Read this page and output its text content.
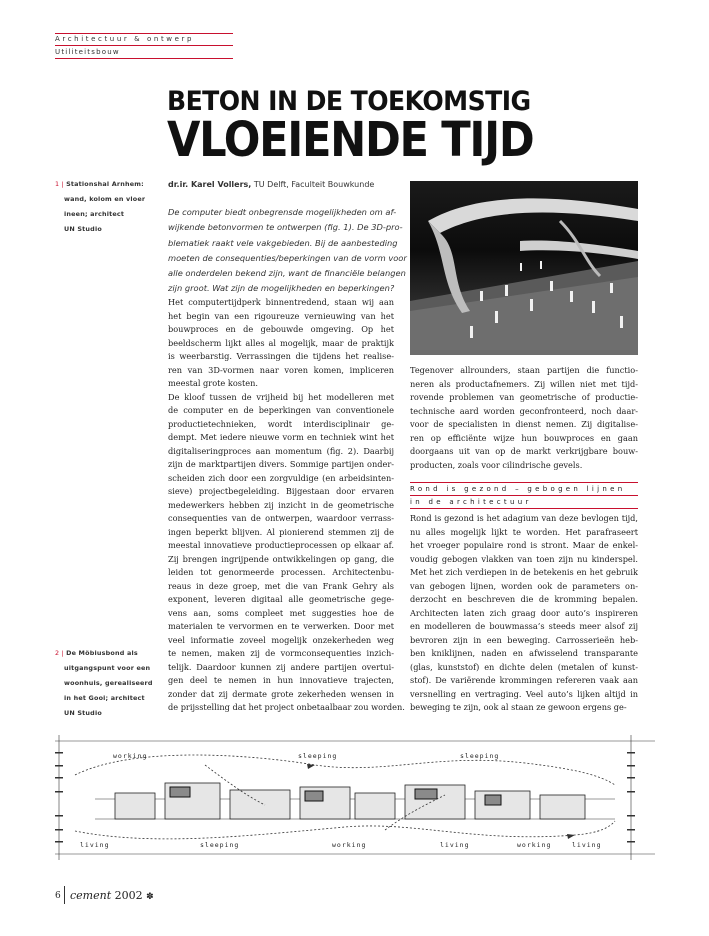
Architectuur & ontwerp
Utiliteitsbouw
BETON IN DE TOEKOMSTIG
VLOEIENDE TIJD
1 | Stationshal Arnhem:
wand, kolom en vloer
ineen; architect
UN Studio
2 | De Möbiusbond als
uitgangspunt voor een
woonhuis, gerealiseerd
in het Gooi; architect
UN Studio
dr.ir. Karel Vollers, TU Delft, Faculteit Bouwkunde
De computer biedt onbegrensde mogelijkheden om af-
wijkende betonvormen te ontwerpen (fig. 1). De 3D-pro-
blematiek raakt vele vakgebieden. Bij de aanbesteding
moeten de consequenties/beperkingen van de vorm voor
alle onderdelen bekend zijn, want de financiële belangen
zijn groot. Wat zijn de mogelijkheden en beperkingen?
Het computertijdperk binnentredend, staan wij aan
het begin van een rigoureuze vernieuwing van het
bouwproces en de gebouwde omgeving. Op het
beeldscherm lijkt alles al mogelijk, maar de praktijk
is weerbarstig. Verrassingen die tijdens het realise-
ren van 3D-vormen naar voren komen, impliceren
meestal grote kosten.
De kloof tussen de vrijheid bij het modelleren met
de computer en de beperkingen van conventionele
productietechnieken, wordt interdisciplinair ge-
dempt. Met iedere nieuwe vorm en techniek wint het
digitaliseringproces aan momentum (fig. 2). Daarbij
zijn de marktpartijen divers. Sommige partijen onder-
scheiden zich door een zorgvuldige (en arbeidsinten-
sieve) projectbegeleiding. Bijgestaan door ervaren
medewerkers hebben zij inzicht in de geometrische
consequenties van de ontwerpen, waardoor verrass-
ingen beperkt blijven. Al pionierend stemmen zij de
meestal innovatieve productieprocessen op elkaar af.
Zij brengen ingrijpende ontwikkelingen op gang, die
leiden tot genormeerde processen. Architectenbu-
reaus in deze groep, met die van Frank Gehry als
exponent, leveren digitaal alle geometrische gege-
vens aan, soms compleet met suggesties hoe de
materialen te vervormen en te verwerken. Door met
veel informatie zoveel mogelijk onzekerheden weg
te nemen, maken zij de vormconsequenties inzich-
telijk. Daardoor kunnen zij andere partijen overtui-
gen deel te nemen in hun innovatieve trajecten,
zonder dat zij dermate grote zekerheden wensen in
de prijsstelling dat het project onbetaalbaar zou worden.
Tegenover allrounders, staan partijen die functio-
neren als productafnemers. Zij willen niet met tijd-
rovende problemen van geometrische of productie-
technische aard worden geconfronteerd, noch daar-
voor de specialisten in dienst nemen. Zij digitalise-
ren op efficiënte wijze hun bouwproces en gaan
doorgaans uit van op de markt verkrijgbare bouw-
producten, zoals voor cilindrische gevels.
Rond is gezond – gebogen lijnen
in de architectuur
Rond is gezond is het adagium van deze bevlogen tijd,
nu alles mogelijk lijkt te worden. Het parafraseert
het vroeger populaire rond is stront. Maar de enkel-
voudig gebogen vlakken van toen zijn nu kinderspel.
Met het zich verdiepen in de betekenis en het gebruik
van gebogen lijnen, worden ook de parameters on-
derzocht en beschreven die de kromming bepalen.
Architecten laten zich graag door auto’s inspireren
en modelleren de bouwmassa’s steeds meer alsof zij
bevroren zijn in een beweging. Carrosserieën heb-
ben kniklijnen, naden en afwisselend transparante
(glas, kunststof) en dichte delen (metalen of kunst-
stof). De variërende krommingen refereren vaak aan
versnelling en vertraging. Veel auto’s lijken altijd in
beweging te zijn, ook al staan ze gewoon ergens ge-
working	sleeping	sleeping
living	sleeping	working	living	working	living
6 cement 2002 ✽
